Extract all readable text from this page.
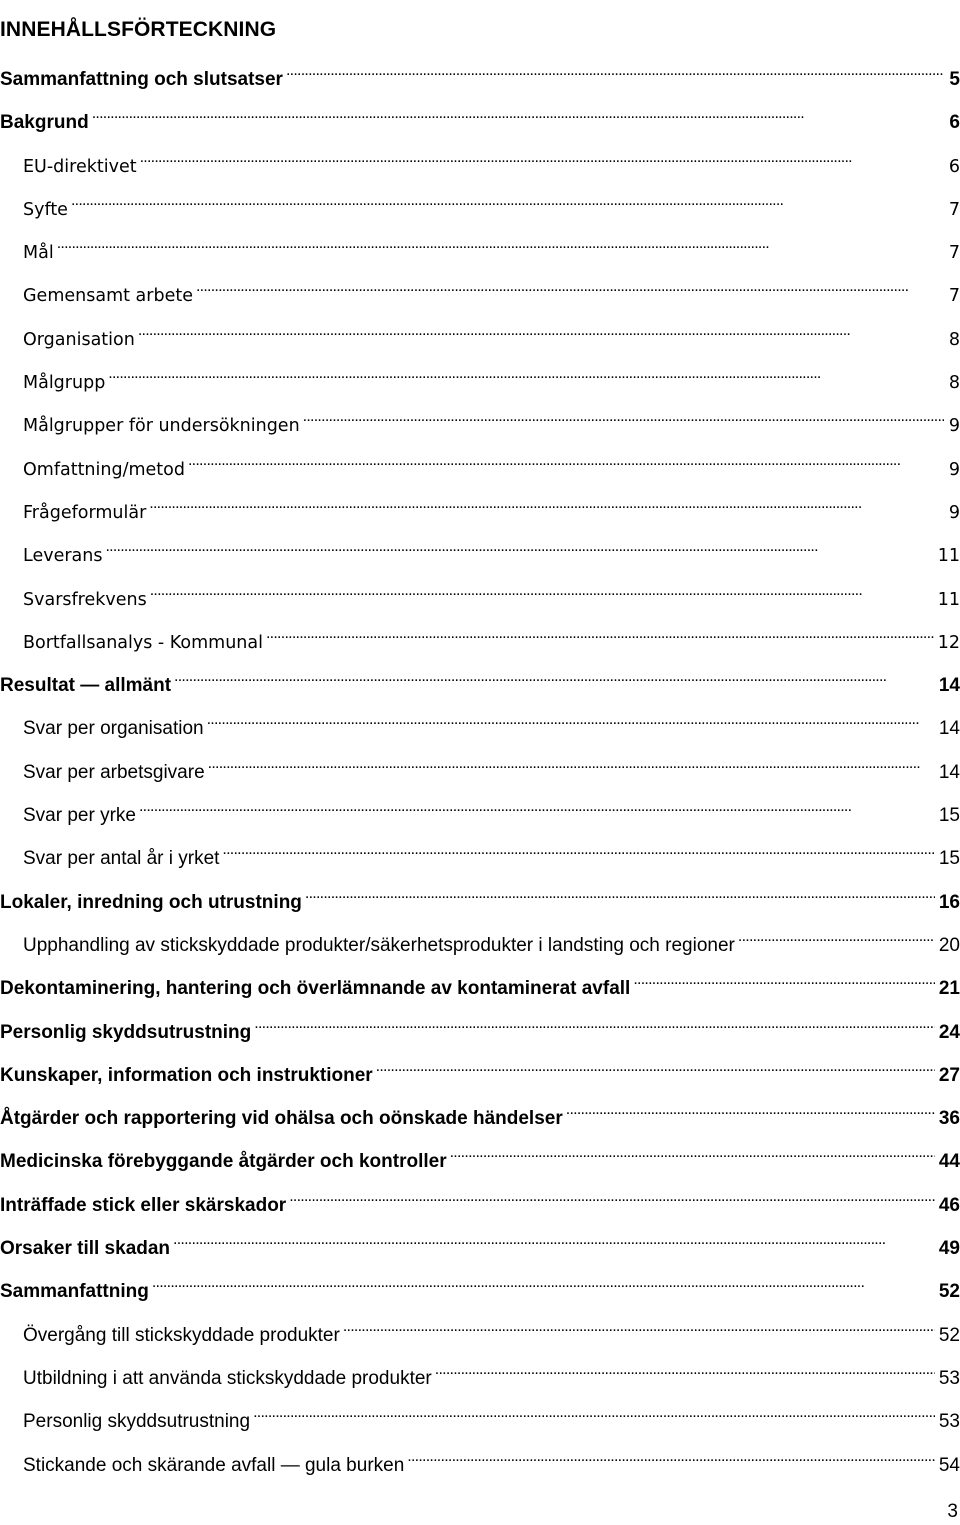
INNEHÅLLSFÖRTECKNING
Sammanfattning och slutsatser . . .	5
Bakgrund . . .	6
EU-direktivet . . .	6
Syfte . . .	7
Mål . . .	7
Gemensamt arbete . . .	7
Organisation . . .	8
Målgrupp . . .	8
Målgrupper för undersökningen . . .	9
Omfattning/metod . . .	9
Frågeformulär . . .	9
Leverans . . .	11
Svarsfrekvens . . .	11
Bortfallsanalys - Kommunal . . .	12
Resultat — allmänt . . .	14
Svar per organisation . . .	14
Svar per arbetsgivare . . .	14
Svar per yrke . . .	15
Svar per antal år i yrket . . .	15
Lokaler, inredning och utrustning . . .	16
Upphandling av stickskyddade produkter/säkerhetsprodukter i landsting och regioner . . .	20
Dekontaminering, hantering och överlämnande av kontaminerat avfall . . .	21
Personlig skyddsutrustning . . .	24
Kunskaper, information och instruktioner . . .	27
Åtgärder och rapportering vid ohälsa och oönskade händelser . . .	36
Medicinska förebyggande åtgärder och kontroller . . .	44
Inträffade stick eller skärskador . . .	46
Orsaker till skadan . . .	49
Sammanfattning . . .	52
Övergång till stickskyddade produkter . . .	52
Utbildning i att använda stickskyddade produkter . . .	53
Personlig skyddsutrustning . . .	53
Stickande och skärande avfall — gula burken . . .	54
3
